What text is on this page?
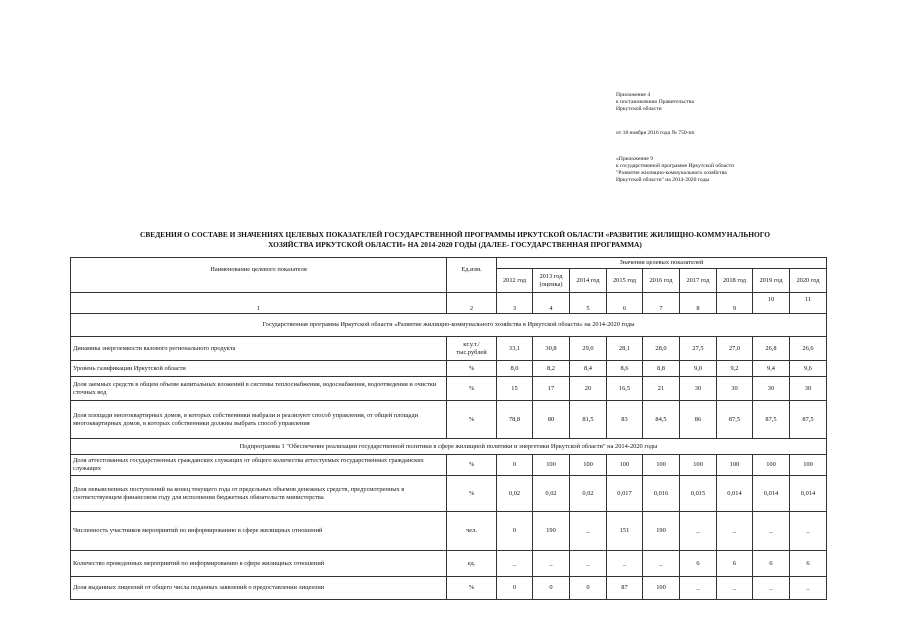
Приложение 4
к постановлению Правительства
Иркутской области
от 18 ноября 2016 года № 750-пп
«Приложение 9
к государственной программе Иркутской области
"Развитие жилищно-коммунального хозяйства
Иркутской области" на 2014-2020 годы
СВЕДЕНИЯ О СОСТАВЕ И ЗНАЧЕНИЯХ ЦЕЛЕВЫХ ПОКАЗАТЕЛЕЙ ГОСУДАРСТВЕННОЙ ПРОГРАММЫ ИРКУТСКОЙ ОБЛАСТИ «РАЗВИТИЕ ЖИЛИЩНО-КОММУНАЛЬНОГО
ХОЗЯЙСТВА ИРКУТСКОЙ ОБЛАСТИ» НА 2014-2020 ГОДЫ (ДАЛЕЕ- ГОСУДАРСТВЕННАЯ ПРОГРАММА)
Наименование целевого показателя	Ед.изм.	Значения целевых показателей								
		2012 год	2013 год (оценка)	2014 год	2015 год	2016 год	2017 год	2018 год	2019 год	2020 год
1	2	3	4	5	6	7	8	9	10	11
Государственная программа Иркутской области «Развитие жилищно-коммунального хозяйства в Иркутской области» на 2014-2020 годы										
Динамика энергоемкости валового регионального продукта	кг.у.т./ тыс.рублей	33,1	30,8	29,0	28,1	28,0	27,5	27,0	26,8	26,6
Уровень газификации Иркутской области	%	8,0	8,2	8,4	8,6	8,8	9,0	9,2	9,4	9,6
Доля заемных средств в общем объеме капитальных вложений в системы теплоснабжения, водоснабжения, водоотведения и очистки сточных вод	%	15	17	20	16,5	21	30	30	30	30
Доля площади многоквартирных домов, в которых собственники выбрали и реализуют способ управления, от общей площади многоквартирных домов, в которых собственники должны выбрать способ управления	%	78,8	80	81,5	83	84,5	86	87,5	87,5	87,5
Подпрограмма 1 "Обеспечение реализации государственной политики в сфере жилищной политики и энергетики Иркутской области" на 2014-2020 годы										
Доля аттестованных государственных гражданских служащих от общего количества аттестуемых государственных гражданских служащих	%	0	100	100	100	100	100	100	100	100
Доля невыясненных поступлений на конец текущего года от предельных объемов денежных средств, предусмотренных в соответствующем финансовом году для исполнения бюджетных обязательств министерства	%	0,02	0,02	0,02	0,017	0,016	0,015	0,014	0,014	0,014
Численность участников мероприятий по информированию в сфере жилищных отношений	чел.	0	190	_	151	190	_	_	_	_
Количество проведенных мероприятий по информированию в сфере жилищных отношений	ед.	_	_	_	_	_	6	6	6	6
Доля выданных лицензий от общего числа поданных заявлений о предоставлении лицензии	%	0	0	0	87	100	_	_	_	_
